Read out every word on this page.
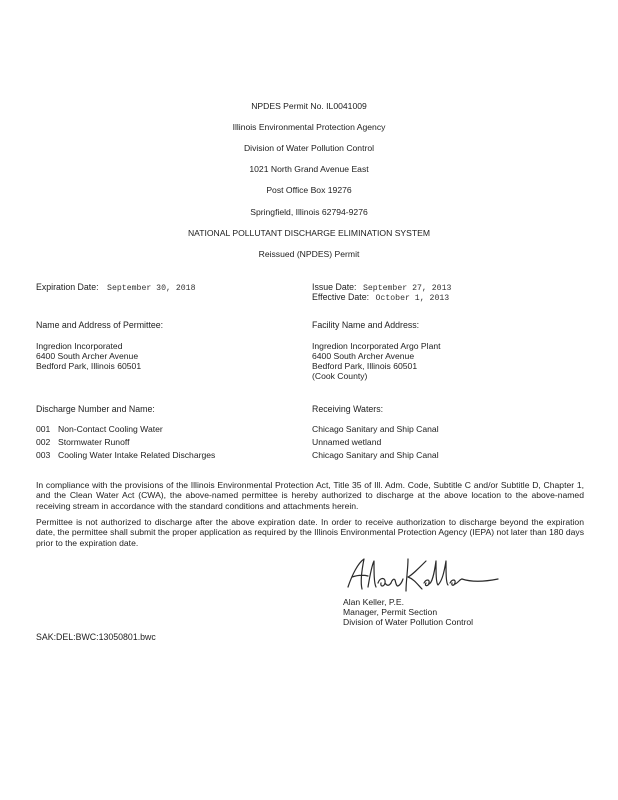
NPDES Permit No. IL0041009
Illinois Environmental Protection Agency
Division of Water Pollution Control
1021 North Grand Avenue East
Post Office Box 19276
Springfield, Illinois 62794-9276
NATIONAL POLLUTANT DISCHARGE ELIMINATION SYSTEM
Reissued (NPDES) Permit
Expiration Date: September 30, 2018	Issue Date: September 27, 2013
Effective Date: October 1, 2013
Name and Address of Permittee:
Ingredion Incorporated
6400 South Archer Avenue
Bedford Park, Illinois 60501
Facility Name and Address:
Ingredion Incorporated Argo Plant
6400 South Archer Avenue
Bedford Park, Illinois 60501
(Cook County)
Discharge Number and Name:	Receiving Waters:
001 Non-Contact Cooling Water	Chicago Sanitary and Ship Canal
002 Stormwater Runoff	Unnamed wetland
003 Cooling Water Intake Related Discharges	Chicago Sanitary and Ship Canal
In compliance with the provisions of the Illinois Environmental Protection Act, Title 35 of Ill. Adm. Code, Subtitle C and/or Subtitle D, Chapter 1, and the Clean Water Act (CWA), the above-named permittee is hereby authorized to discharge at the above location to the above-named receiving stream in accordance with the standard conditions and attachments herein.
Permittee is not authorized to discharge after the above expiration date. In order to receive authorization to discharge beyond the expiration date, the permittee shall submit the proper application as required by the Illinois Environmental Protection Agency (IEPA) not later than 180 days prior to the expiration date.
Alan Keller, P.E.
Manager, Permit Section
Division of Water Pollution Control
SAK:DEL:BWC:13050801.bwc
